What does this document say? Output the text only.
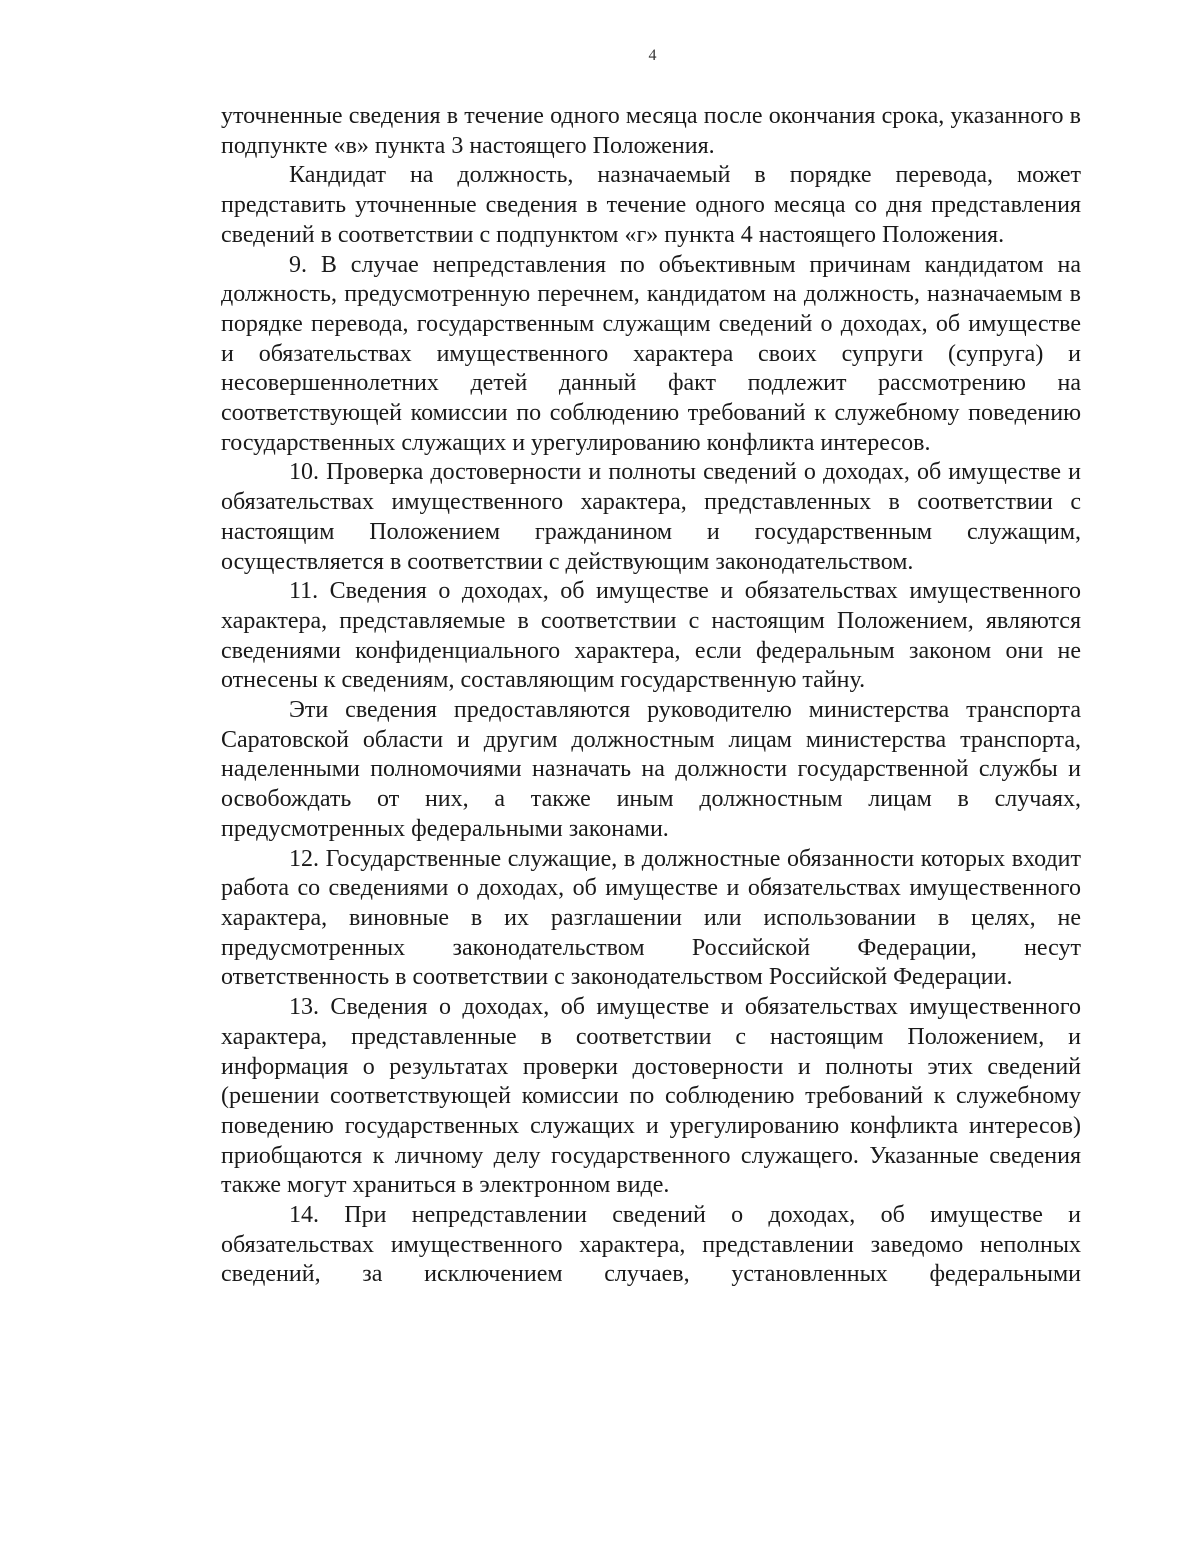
4

уточненные сведения в течение одного месяца после окончания срока, указанного в подпункте «в» пункта 3 настоящего Положения.

Кандидат на должность, назначаемый в порядке перевода, может представить уточненные сведения в течение одного месяца со дня представления сведений в соответствии с подпунктом «г» пункта 4 настоящего Положения.

9. В случае непредставления по объективным причинам кандидатом на должность, предусмотренную перечнем, кандидатом на должность, назначаемым в порядке перевода, государственным служащим сведений о доходах, об имуществе и обязательствах имущественного характера своих супруги (супруга) и несовершеннолетних детей данный факт подлежит рассмотрению на соответствующей комиссии по соблюдению требований к служебному поведению государственных служащих и урегулированию конфликта интересов.

10. Проверка достоверности и полноты сведений о доходах, об имуществе и обязательствах имущественного характера, представленных в соответствии с настоящим Положением гражданином и государственным служащим, осуществляется в соответствии с действующим законодательством.

11. Сведения о доходах, об имуществе и обязательствах имущественного характера, представляемые в соответствии с настоящим Положением, являются сведениями конфиденциального характера, если федеральным законом они не отнесены к сведениям, составляющим государственную тайну.

Эти сведения предоставляются руководителю министерства транспорта Саратовской области и другим должностным лицам министерства транспорта, наделенными полномочиями назначать на должности государственной службы и освобождать от них, а также иным должностным лицам в случаях, предусмотренных федеральными законами.

12. Государственные служащие, в должностные обязанности которых входит работа со сведениями о доходах, об имуществе и обязательствах имущественного характера, виновные в их разглашении или использовании в целях, не предусмотренных законодательством Российской Федерации, несут ответственность в соответствии с законодательством Российской Федерации.

13. Сведения о доходах, об имуществе и обязательствах имущественного характера, представленные в соответствии с настоящим Положением, и информация о результатах проверки достоверности и полноты этих сведений (решении соответствующей комиссии по соблюдению требований к служебному поведению государственных служащих и урегулированию конфликта интересов) приобщаются к личному делу государственного служащего. Указанные сведения также могут храниться в электронном виде.

14. При непредставлении сведений о доходах, об имуществе и обязательствах имущественного характера, представлении заведомо неполных сведений, за исключением случаев, установленных федеральными
